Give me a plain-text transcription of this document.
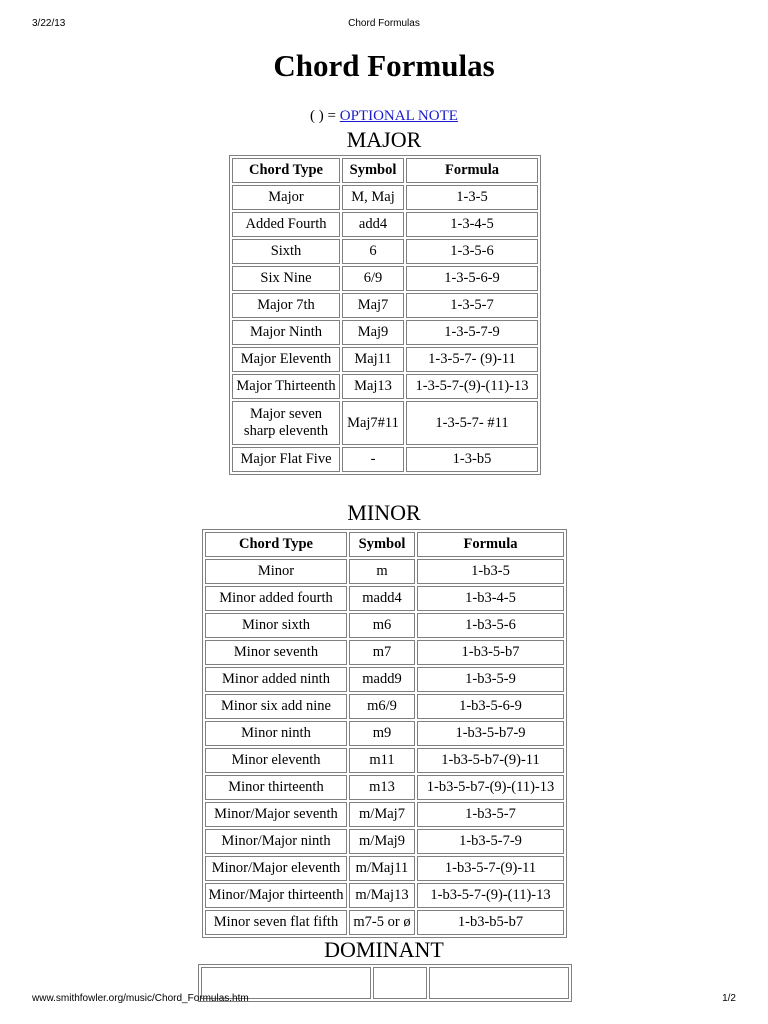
3/22/13	Chord Formulas
Chord Formulas
( ) = OPTIONAL NOTE
MAJOR
Chord Type	Symbol	Formula
Major	M, Maj	1-3-5
Added Fourth	add4	1-3-4-5
Sixth	6	1-3-5-6
Six Nine	6/9	1-3-5-6-9
Major 7th	Maj7	1-3-5-7
Major Ninth	Maj9	1-3-5-7-9
Major Eleventh	Maj11	1-3-5-7- (9)-11
Major Thirteenth	Maj13	1-3-5-7-(9)-(11)-13
Major seven sharp eleventh	Maj7#11	1-3-5-7- #11
Major Flat Five	-	1-3-b5
MINOR
Chord Type	Symbol	Formula
Minor	m	1-b3-5
Minor added fourth	madd4	1-b3-4-5
Minor sixth	m6	1-b3-5-6
Minor seventh	m7	1-b3-5-b7
Minor added ninth	madd9	1-b3-5-9
Minor six add nine	m6/9	1-b3-5-6-9
Minor ninth	m9	1-b3-5-b7-9
Minor eleventh	m11	1-b3-5-b7-(9)-11
Minor thirteenth	m13	1-b3-5-b7-(9)-(11)-13
Minor/Major seventh	m/Maj7	1-b3-5-7
Minor/Major ninth	m/Maj9	1-b3-5-7-9
Minor/Major eleventh	m/Maj11	1-b3-5-7-(9)-11
Minor/Major thirteenth	m/Maj13	1-b3-5-7-(9)-(11)-13
Minor seven flat fifth	m7-5 or ø	1-b3-b5-b7
DOMINANT

www.smithfowler.org/music/Chord_Formulas.htm	1/2
